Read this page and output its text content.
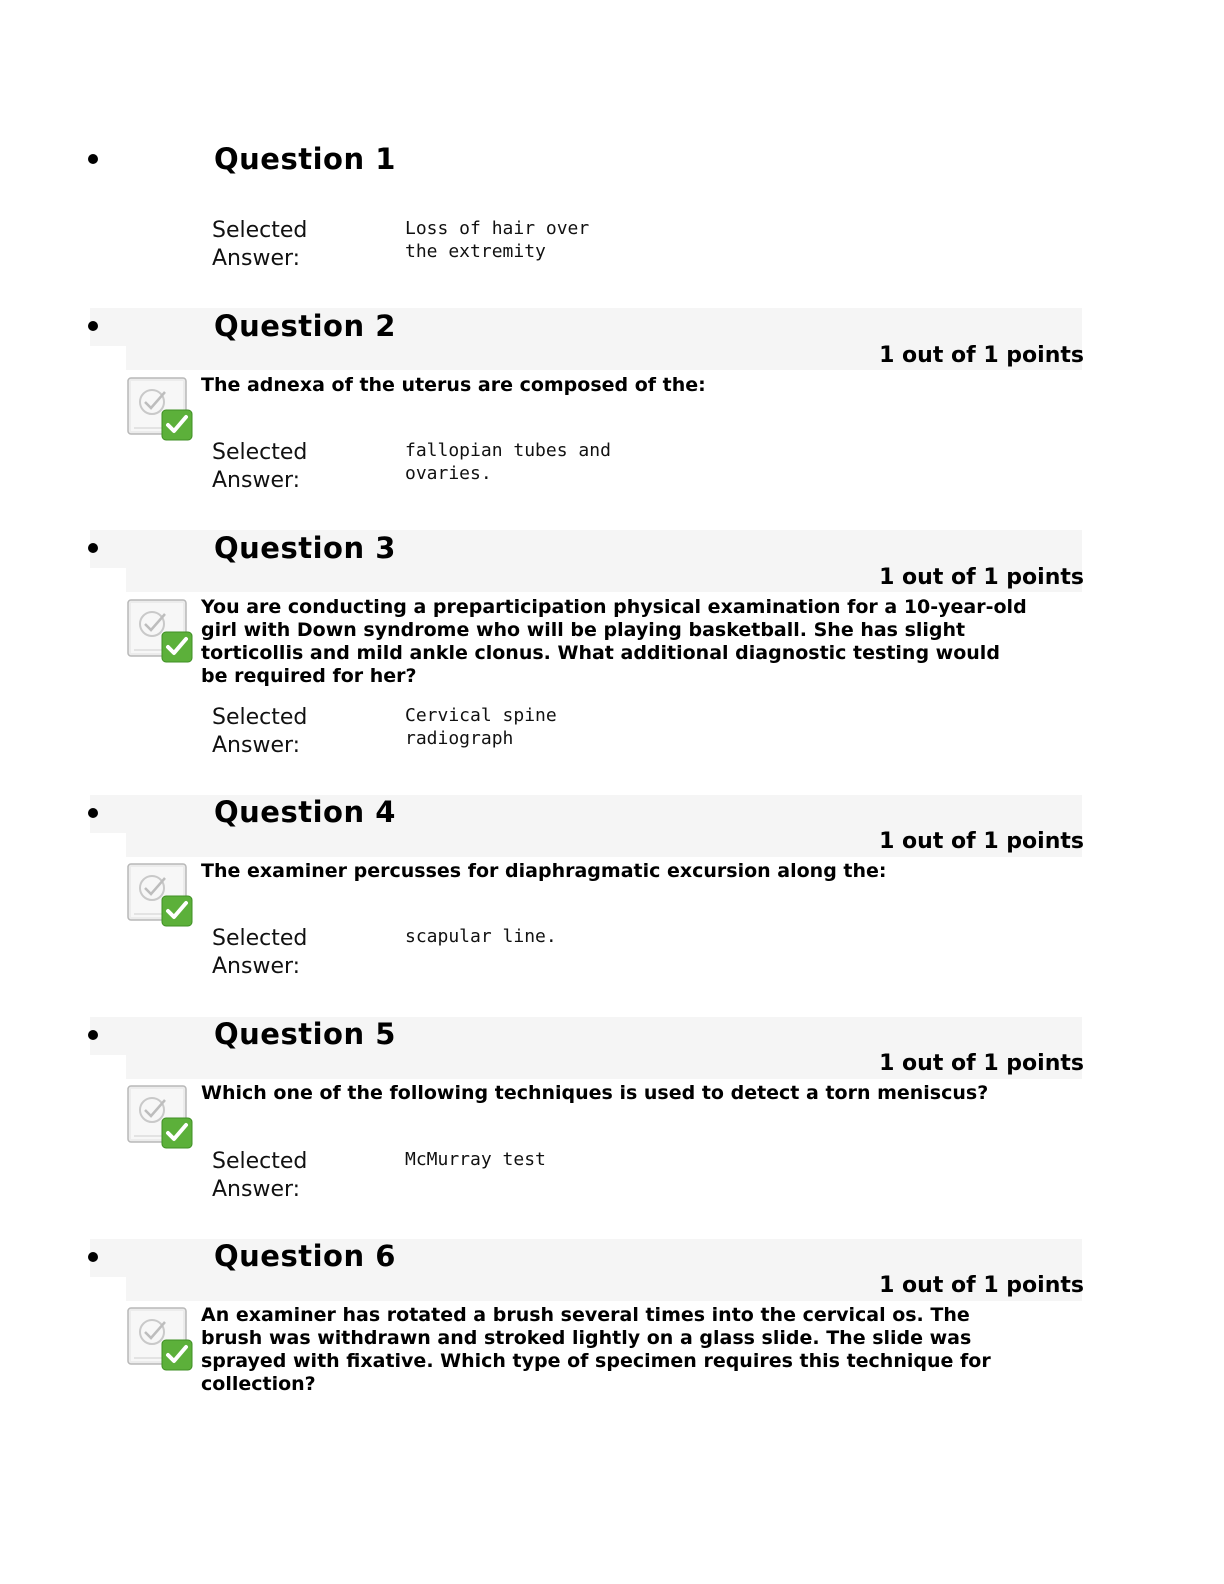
Question 1
Selected Answer:
Loss of hair over the extremity
Question 2
1 out of 1 points
The adnexa of the uterus are composed of the:
Selected Answer:
fallopian tubes and ovaries.
Question 3
1 out of 1 points
You are conducting a preparticipation physical examination for a 10-year-old girl with Down syndrome who will be playing basketball. She has slight torticollis and mild ankle clonus. What additional diagnostic testing would be required for her?
Selected Answer:
Cervical spine radiograph
Question 4
1 out of 1 points
The examiner percusses for diaphragmatic excursion along the:
Selected Answer:
scapular line.
Question 5
1 out of 1 points
Which one of the following techniques is used to detect a torn meniscus?
Selected Answer:
McMurray test
Question 6
1 out of 1 points
An examiner has rotated a brush several times into the cervical os. The brush was withdrawn and stroked lightly on a glass slide. The slide was sprayed with fixative. Which type of specimen requires this technique for collection?
